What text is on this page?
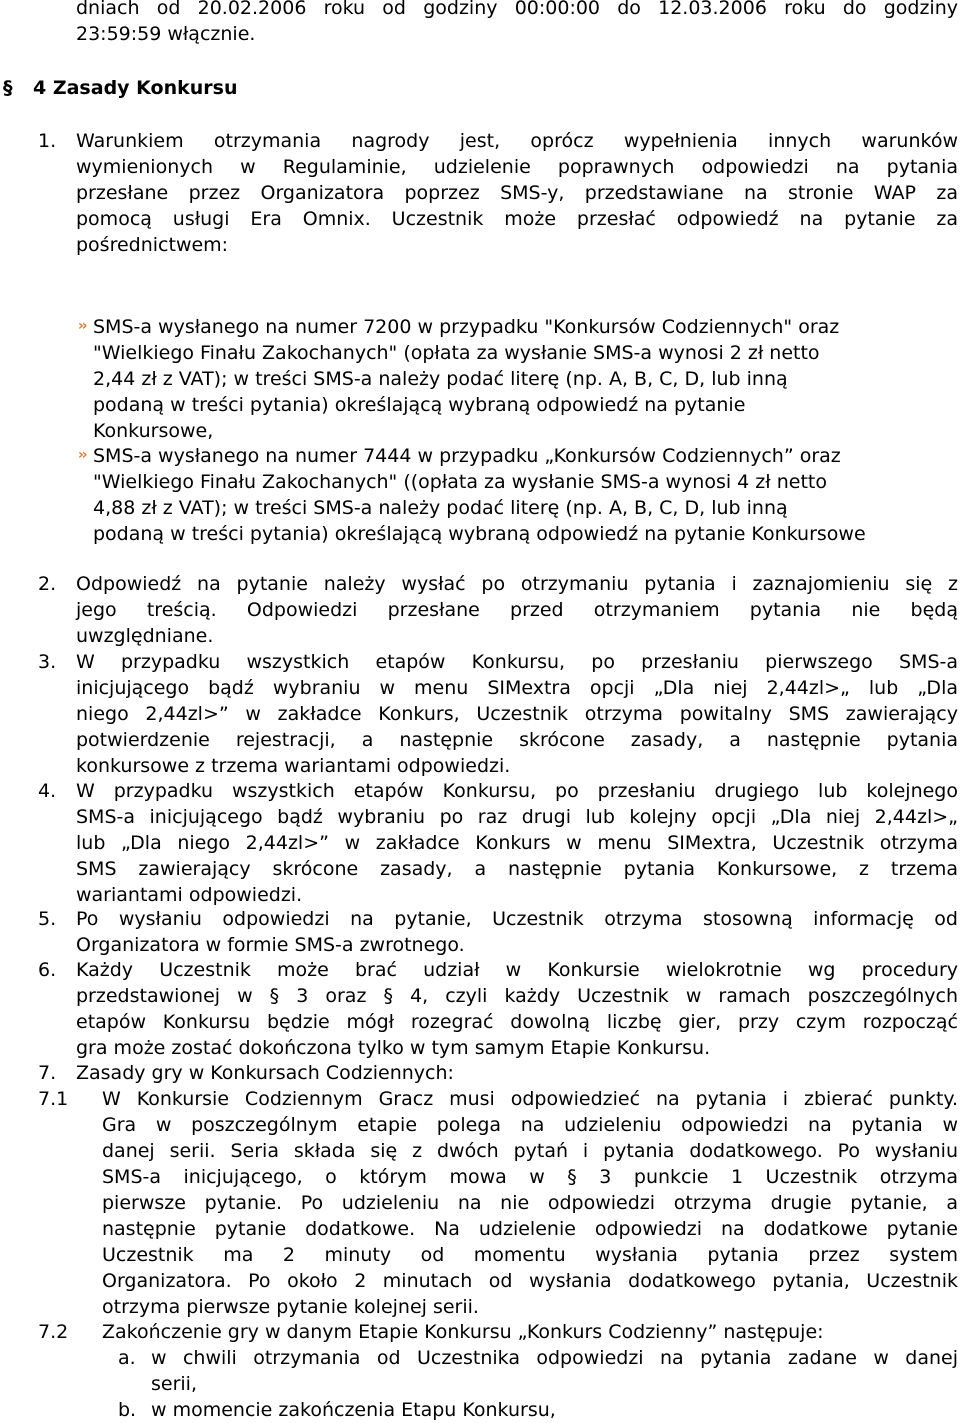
dniach od 20.02.2006 roku od godziny 00:00:00 do 12.03.2006 roku do godziny
23:59:59 włącznie.
§ 4 Zasady Konkursu
1. Warunkiem otrzymania nagrody jest, oprócz wypełnienia innych warunków
wymienionych w Regulaminie, udzielenie poprawnych odpowiedzi na pytania
przesłane przez Organizatora poprzez SMS-y, przedstawiane na stronie WAP za
pomocą usługi Era Omnix. Uczestnik może przesłać odpowiedź na pytanie za
pośrednictwem:
›› SMS-a wysłanego na numer 7200 w przypadku "Konkursów Codziennych" oraz
"Wielkiego Finału Zakochanych" (opłata za wysłanie SMS-a wynosi 2 zł netto
2,44 zł z VAT); w treści SMS-a należy podać literę (np. A, B, C, D, lub inną
podaną w treści pytania) określającą wybraną odpowiedź na pytanie
Konkursowe,
›› SMS-a wysłanego na numer 7444 w przypadku „Konkursów Codziennych” oraz
"Wielkiego Finału Zakochanych" ((opłata za wysłanie SMS-a wynosi 4 zł netto
4,88 zł z VAT); w treści SMS-a należy podać literę (np. A, B, C, D, lub inną
podaną w treści pytania) określającą wybraną odpowiedź na pytanie Konkursowe
2. Odpowiedź na pytanie należy wysłać po otrzymaniu pytania i zaznajomieniu się z
jego treścią. Odpowiedzi przesłane przed otrzymaniem pytania nie będą
uwzględniane.
3. W przypadku wszystkich etapów Konkursu, po przesłaniu pierwszego SMS-a
inicjującego bądź wybraniu w menu SIMextra opcji „Dla niej 2,44zl>„ lub „Dla
niego 2,44zl>” w zakładce Konkurs, Uczestnik otrzyma powitalny SMS zawierający
potwierdzenie rejestracji, a następnie skrócone zasady, a następnie pytania
konkursowe z trzema wariantami odpowiedzi.
4. W przypadku wszystkich etapów Konkursu, po przesłaniu drugiego lub kolejnego
SMS-a inicjującego bądź wybraniu po raz drugi lub kolejny opcji „Dla niej 2,44zl>„
lub „Dla niego 2,44zl>” w zakładce Konkurs w menu SIMextra, Uczestnik otrzyma
SMS zawierający skrócone zasady, a następnie pytania Konkursowe, z trzema
wariantami odpowiedzi.
5. Po wysłaniu odpowiedzi na pytanie, Uczestnik otrzyma stosowną informację od
Organizatora w formie SMS-a zwrotnego.
6. Każdy Uczestnik może brać udział w Konkursie wielokrotnie wg procedury
przedstawionej w § 3 oraz § 4, czyli każdy Uczestnik w ramach poszczególnych
etapów Konkursu będzie mógł rozegrać dowolną liczbę gier, przy czym rozpocząć
gra może zostać dokończona tylko w tym samym Etapie Konkursu.
7. Zasady gry w Konkursach Codziennych:
7.1 W Konkursie Codziennym Gracz musi odpowiedzieć na pytania i zbierać punkty.
Gra w poszczególnym etapie polega na udzieleniu odpowiedzi na pytania w
danej serii. Seria składa się z dwóch pytań i pytania dodatkowego. Po wysłaniu
SMS-a inicjującego, o którym mowa w § 3 punkcie 1 Uczestnik otrzyma
pierwsze pytanie. Po udzieleniu na nie odpowiedzi otrzyma drugie pytanie, a
następnie pytanie dodatkowe. Na udzielenie odpowiedzi na dodatkowe pytanie
Uczestnik ma 2 minuty od momentu wysłania pytania przez system
Organizatora. Po około 2 minutach od wysłania dodatkowego pytania, Uczestnik
otrzyma pierwsze pytanie kolejnej serii.
7.2 Zakończenie gry w danym Etapie Konkursu „Konkurs Codzienny” następuje:
a. w chwili otrzymania od Uczestnika odpowiedzi na pytania zadane w danej
serii,
b. w momencie zakończenia Etapu Konkursu,
